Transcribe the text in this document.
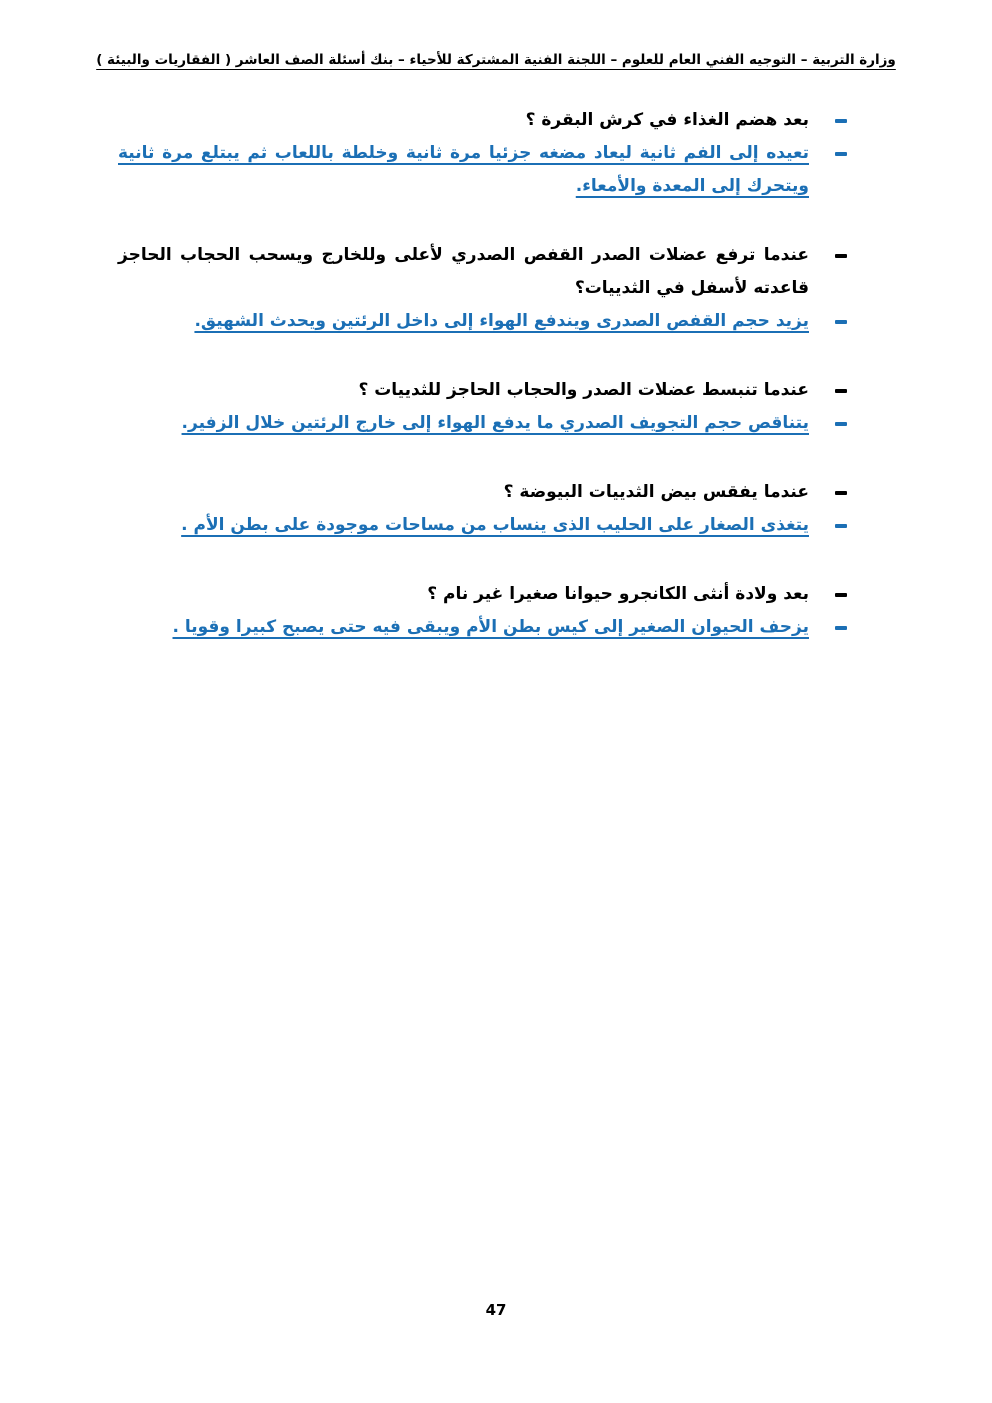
وزارة التربية – التوجيه الفني العام للعلوم – اللجنة الفنية المشتركة للأحياء – بنك أسئلة الصف العاشر ( الفقاريات والبيئة )
بعد هضم الغذاء في كرش البقرة ؟
تعيده إلى الفم ثانية ليعاد مضغه جزئيا مرة ثانية وخلطة باللعاب ثم يبتلع مرة ثانية ويتحرك إلى المعدة والأمعاء.
عندما ترفع عضلات الصدر القفص الصدري لأعلى وللخارج ويسحب الحجاب الحاجز قاعدته لأسفل في الثدييات؟
يزيد حجم القفص الصدرى ويندفع الهواء إلى داخل الرئتين ويحدث الشهيق.
عندما تنبسط عضلات الصدر والحجاب الحاجز للثدييات ؟
يتناقص حجم التجويف الصدري ما يدفع الهواء إلى خارج الرئتين خلال الزفير.
عندما يفقس بيض الثدييات البيوضة ؟
يتغذى الصغار على الحليب الذى ينساب من مساحات موجودة على بطن الأم .
بعد ولادة أنثى الكانجرو حيوانا صغيرا غير نام ؟
يزحف الحيوان الصغير إلى كيس بطن الأم ويبقى فيه حتى يصبح كبيرا وقويا .
47
